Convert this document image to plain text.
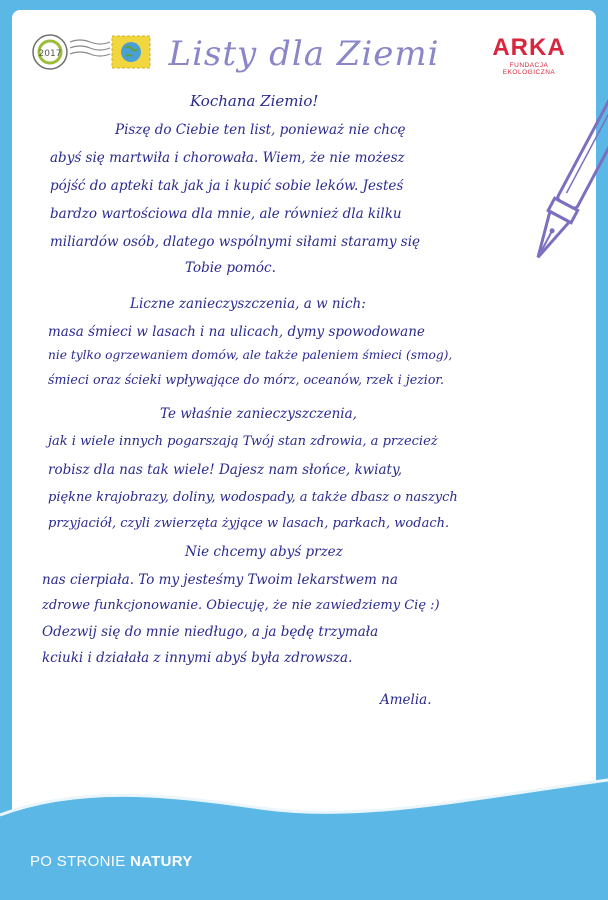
2017	Listy dla Ziemi	ARKA
FUNDACJA EKOLOGICZNA
Kochana Ziemio!
Piszę do Ciebie ten list, ponieważ nie chcę
abyś się martwiła i chorowała. Wiem, że nie możesz
pójść do apteki tak jak ja i kupić sobie leków. Jesteś
bardzo wartościowa dla mnie, ale również dla kilku
miliardów osób, dlatego wspólnymi siłami staramy się
Tobie pomóc.
Liczne zanieczyszczenia, a w nich:
masa śmieci w lasach i na ulicach, dymy spowodowane
nie tylko ogrzewaniem domów, ale także paleniem śmieci (smog),
śmieci oraz ścieki wpływające do mórz, oceanów, rzek i jezior.
Te właśnie zanieczyszczenia,
jak i wiele innych pogarszają Twój stan zdrowia, a przecież
robisz dla nas tak wiele! Dajesz nam słońce, kwiaty,
piękne krajobrazy, doliny, wodospady, a także dbasz o naszych
przyjaciół, czyli zwierzęta żyjące w lasach, parkach, wodach.
Nie chcemy abyś przez
nas cierpiała. To my jesteśmy Twoim lekarstwem na
zdrowe funkcjonowanie. Obiecuję, że nie zawiedziemy Cię :)
Odezwij się do mnie niedługo, a ja będę trzymała
kciuki i działała z innymi abyś była zdrowsza.
Amelia.
PO STRONIE NATURY
